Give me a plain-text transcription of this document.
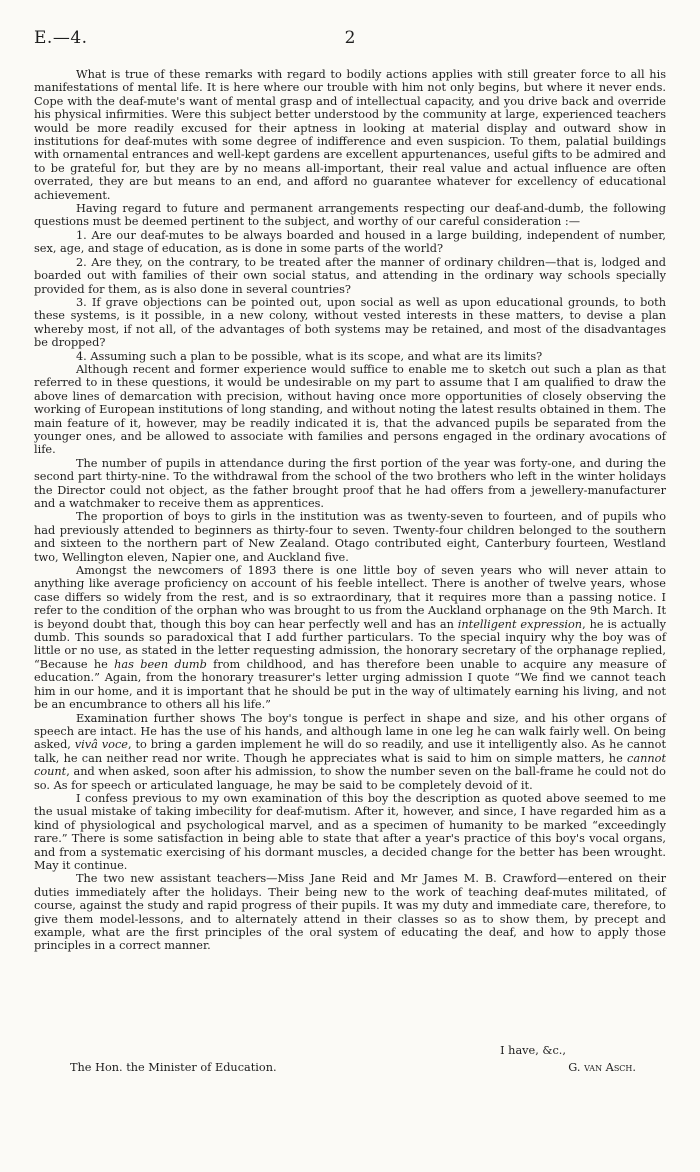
E.—4.	2

What is true of these remarks with regard to bodily actions applies with still greater force to all his manifestations of mental life. It is here where our trouble with him not only begins, but where it never ends. Cope with the deaf-mute's want of mental grasp and of intellectual capacity, and you drive back and override his physical infirmities. Were this subject better understood by the community at large, experienced teachers would be more readily excused for their aptness in looking at material display and outward show in institutions for deaf-mutes with some degree of indifference and even suspicion. To them, palatial buildings with ornamental entrances and well-kept gardens are excellent appurtenances, useful gifts to be admired and to be grateful for, but they are by no means all-important, their real value and actual influence are often overrated, they are but means to an end, and afford no guarantee whatever for excellency of educational achievement.

Having regard to future and permanent arrangements respecting our deaf-and-dumb, the following questions must be deemed pertinent to the subject, and worthy of our careful consideration :—

1. Are our deaf-mutes to be always boarded and housed in a large building, independent of number, sex, age, and stage of education, as is done in some parts of the world?

2. Are they, on the contrary, to be treated after the manner of ordinary children—that is, lodged and boarded out with families of their own social status, and attending in the ordinary way schools specially provided for them, as is also done in several countries?

3. If grave objections can be pointed out, upon social as well as upon educational grounds, to both these systems, is it possible, in a new colony, without vested interests in these matters, to devise a plan whereby most, if not all, of the advantages of both systems may be retained, and most of the disadvantages be dropped?

4. Assuming such a plan to be possible, what is its scope, and what are its limits?

Although recent and former experience would suffice to enable me to sketch out such a plan as that referred to in these questions, it would be undesirable on my part to assume that I am qualified to draw the above lines of demarcation with precision, without having once more opportunities of closely observing the working of European institutions of long standing, and without noting the latest results obtained in them. The main feature of it, however, may be readily indicated it is, that the advanced pupils be separated from the younger ones, and be allowed to associate with families and persons engaged in the ordinary avocations of life.

The number of pupils in attendance during the first portion of the year was forty-one, and during the second part thirty-nine. To the withdrawal from the school of the two brothers who left in the winter holidays the Director could not object, as the father brought proof that he had offers from a jewellery-manufacturer and a watchmaker to receive them as apprentices.

The proportion of boys to girls in the institution was as twenty-seven to fourteen, and of pupils who had previously attended to beginners as thirty-four to seven. Twenty-four children belonged to the southern and sixteen to the northern part of New Zealand. Otago contributed eight, Canterbury fourteen, Westland two, Wellington eleven, Napier one, and Auckland five.

Amongst the newcomers of 1893 there is one little boy of seven years who will never attain to anything like average proficiency on account of his feeble intellect. There is another of twelve years, whose case differs so widely from the rest, and is so extraordinary, that it requires more than a passing notice. I refer to the condition of the orphan who was brought to us from the Auckland orphanage on the 9th March. It is beyond doubt that, though this boy can hear perfectly well and has an intelligent expression, he is actually dumb. This sounds so paradoxical that I add further particulars. To the special inquiry why the boy was of little or no use, as stated in the letter requesting admission, the honorary secretary of the orphanage replied, “Because he has been dumb from childhood, and has therefore been unable to acquire any measure of education.” Again, from the honorary treasurer's letter urging admission I quote “We find we cannot teach him in our home, and it is important that he should be put in the way of ultimately earning his living, and not be an encumbrance to others all his life.”

Examination further shows The boy's tongue is perfect in shape and size, and his other organs of speech are intact. He has the use of his hands, and although lame in one leg he can walk fairly well. On being asked, vivâ voce, to bring a garden implement he will do so readily, and use it intelligently also. As he cannot talk, he can neither read nor write. Though he appreciates what is said to him on simple matters, he cannot count, and when asked, soon after his admission, to show the number seven on the ball-frame he could not do so. As for speech or articulated language, he may be said to be completely devoid of it.

I confess previous to my own examination of this boy the description as quoted above seemed to me the usual mistake of taking imbecility for deaf-mutism. After it, however, and since, I have regarded him as a kind of physiological and psychological marvel, and as a specimen of humanity to be marked “exceedingly rare.” There is some satisfaction in being able to state that after a year's practice of this boy's vocal organs, and from a systematic exercising of his dormant muscles, a decided change for the better has been wrought. May it continue.

The two new assistant teachers—Miss Jane Reid and Mr James M. B. Crawford—entered on their duties immediately after the holidays. Their being new to the work of teaching deaf-mutes militated, of course, against the study and rapid progress of their pupils. It was my duty and immediate care, therefore, to give them model-lessons, and to alternately attend in their classes so as to show them, by precept and example, what are the first principles of the oral system of educating the deaf, and how to apply those principles in a correct manner.

I have, &c.,
The Hon. the Minister of Education.	G. van Asch.
